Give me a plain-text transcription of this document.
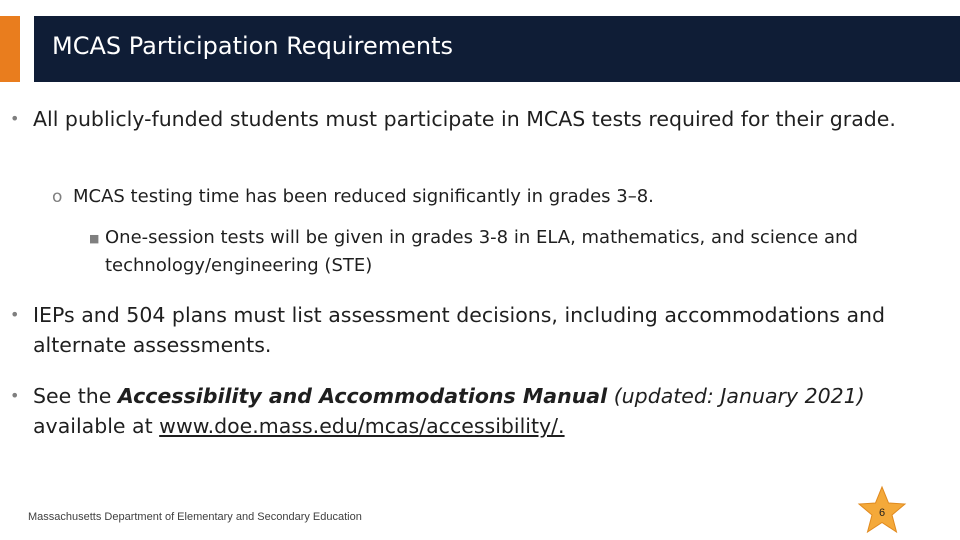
MCAS Participation Requirements
• All publicly-funded students must participate in MCAS tests required for their grade.
o MCAS testing time has been reduced significantly in grades 3–8.
■ One-session tests will be given in grades 3-8 in ELA, mathematics, and science and technology/engineering (STE)
• IEPs and 504 plans must list assessment decisions, including accommodations and alternate assessments.
• See the Accessibility and Accommodations Manual (updated: January 2021) available at www.doe.mass.edu/mcas/accessibility/.
Massachusetts Department of Elementary and Secondary Education	6
